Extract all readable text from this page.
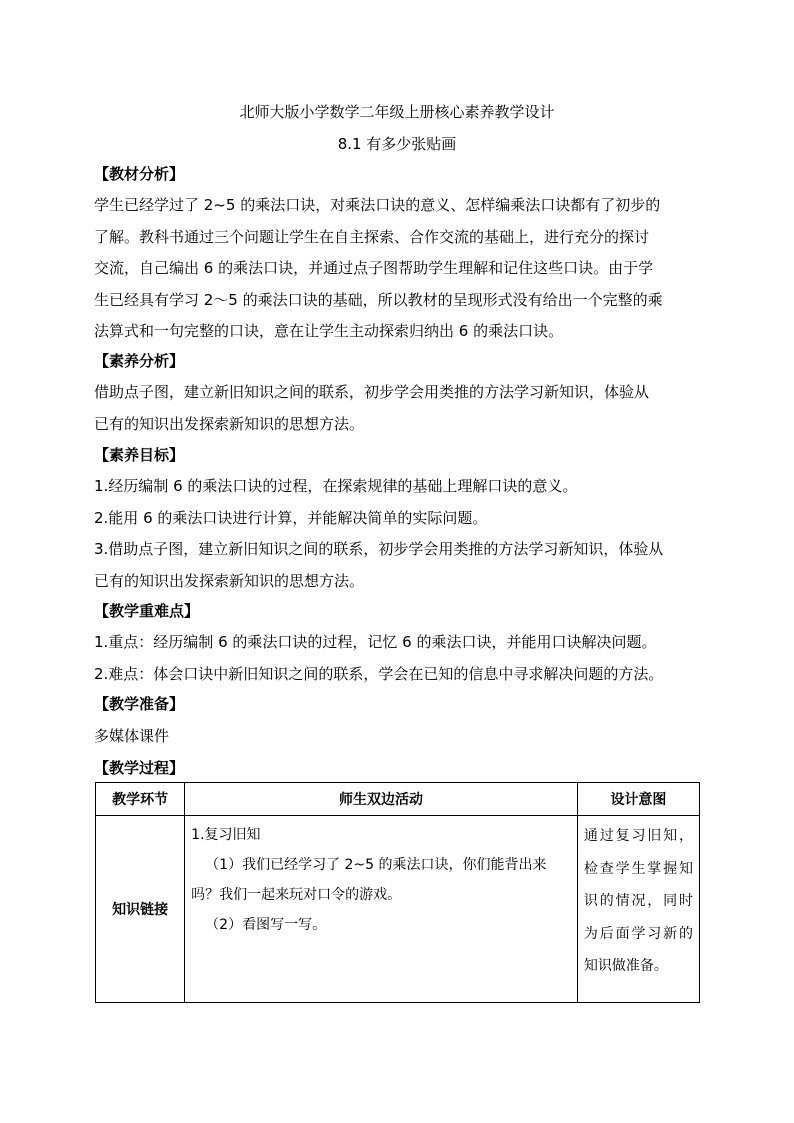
北师大版小学数学二年级上册核心素养教学设计
8.1 有多少张贴画
【教材分析】
学生已经学过了 2~5 的乘法口诀，对乘法口诀的意义、怎样编乘法口诀都有了初步的
了解。教科书通过三个问题让学生在自主探索、合作交流的基础上，进行充分的探讨
交流，自己编出 6 的乘法口诀，并通过点子图帮助学生理解和记住这些口诀。由于学
生已经具有学习 2～5 的乘法口诀的基础，所以教材的呈现形式没有给出一个完整的乘
法算式和一句完整的口诀，意在让学生主动探索归纳出 6 的乘法口诀。
【素养分析】
借助点子图，建立新旧知识之间的联系，初步学会用类推的方法学习新知识，体验从
已有的知识出发探索新知识的思想方法。
【素养目标】
1.经历编制 6 的乘法口诀的过程，在探索规律的基础上理解口诀的意义。
2.能用 6 的乘法口诀进行计算，并能解决简单的实际问题。
3.借助点子图，建立新旧知识之间的联系，初步学会用类推的方法学习新知识，体验从
已有的知识出发探索新知识的思想方法。
【教学重难点】
1.重点：经历编制 6 的乘法口诀的过程，记忆 6 的乘法口诀，并能用口诀解决问题。
2.难点：体会口诀中新旧知识之间的联系，学会在已知的信息中寻求解决问题的方法。
【教学准备】
多媒体课件
【教学过程】
教学环节	师生双边活动	设计意图
知识链接	1.复习旧知
（1）我们已经学习了 2~5 的乘法口诀，你们能背出来
吗？我们一起来玩对口令的游戏。
（2）看图写一写。	通过复习旧知，检查学生掌握知识的情况，同时为后面学习新的知识做准备。
